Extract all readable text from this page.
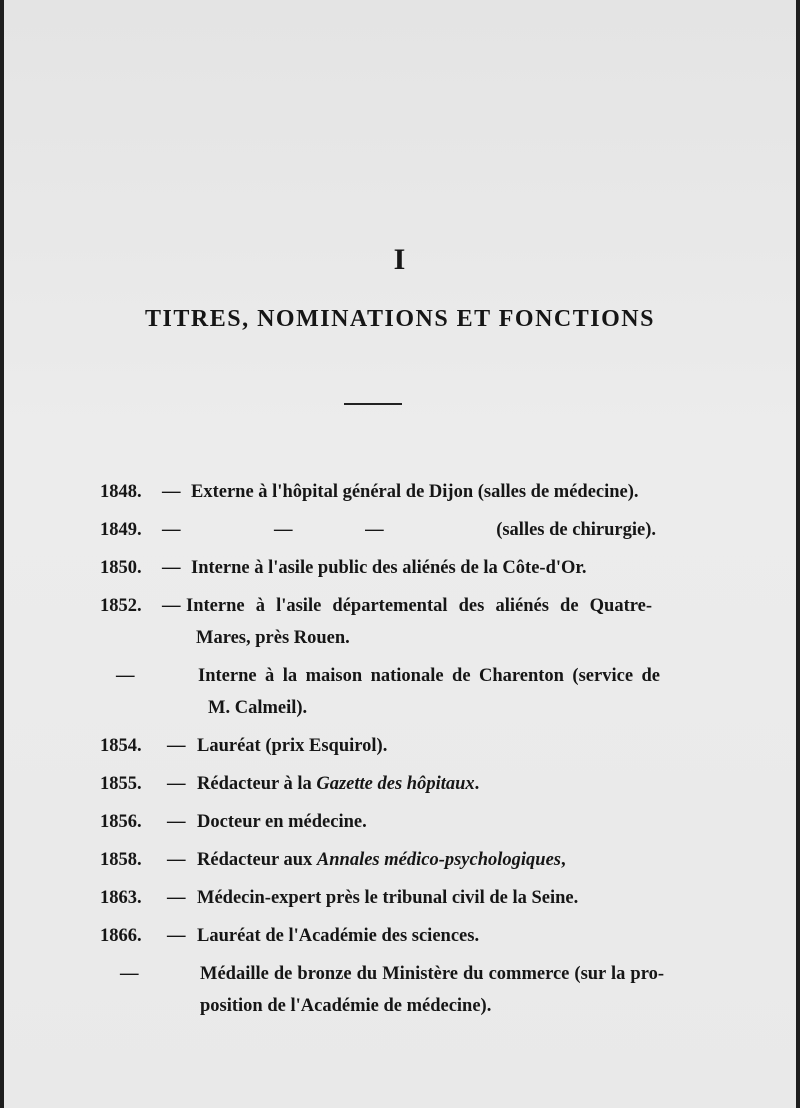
I
TITRES, NOMINATIONS ET FONCTIONS
1848. — Externe à l'hôpital général de Dijon (salles de médecine).
1849. —	—	—	(salles de chirurgie).
1850. — Interne à l'asile public des aliénés de la Côte-d'Or.
1852. — Interne à l'asile départemental des aliénés de Quatre-
Mares, près Rouen.
—	Interne à la maison nationale de Charenton (service de
M. Calmeil).
1854. — Lauréat (prix Esquirol).
1855. — Rédacteur à la Gazette des hôpitaux.
1856. — Docteur en médecine.
1858. — Rédacteur aux Annales médico-psychologiques,
1863. — Médecin-expert près le tribunal civil de la Seine.
1866. — Lauréat de l'Académie des sciences.
—	Médaille de bronze du Ministère du commerce (sur la pro-
position de l'Académie de médecine).
